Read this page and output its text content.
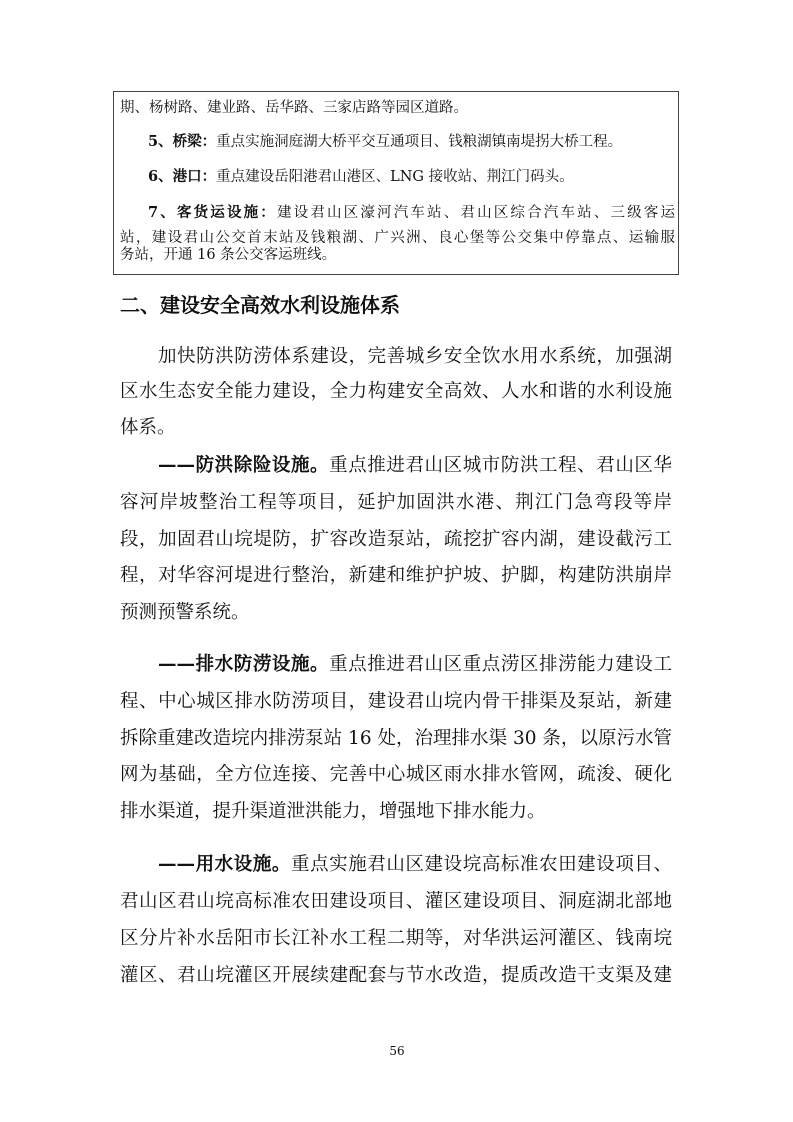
期、杨树路、建业路、岳华路、三家店路等园区道路。
5、桥梁：重点实施洞庭湖大桥平交互通项目、钱粮湖镇南堤拐大桥工程。
6、港口：重点建设岳阳港君山港区、LNG 接收站、荆江门码头。
7、客货运设施：建设君山区濠河汽车站、君山区综合汽车站、三级客运
站，建设君山公交首末站及钱粮湖、广兴洲、良心堡等公交集中停靠点、运输服
务站，开通 16 条公交客运班线。
二、建设安全高效水利设施体系
加快防洪防涝体系建设，完善城乡安全饮水用水系统，加强湖
区水生态安全能力建设，全力构建安全高效、人水和谐的水利设施
体系。
——防洪除险设施。重点推进君山区城市防洪工程、君山区华
容河岸坡整治工程等项目，延护加固洪水港、荆江门急弯段等岸
段，加固君山垸堤防，扩容改造泵站，疏挖扩容内湖，建设截污工
程，对华容河堤进行整治，新建和维护护坡、护脚，构建防洪崩岸
预测预警系统。
——排水防涝设施。重点推进君山区重点涝区排涝能力建设工
程、中心城区排水防涝项目，建设君山垸内骨干排渠及泵站，新建
拆除重建改造垸内排涝泵站 16 处，治理排水渠 30 条，以原污水管
网为基础，全方位连接、完善中心城区雨水排水管网，疏浚、硬化
排水渠道，提升渠道泄洪能力，增强地下排水能力。
——用水设施。重点实施君山区建设垸高标准农田建设项目、
君山区君山垸高标准农田建设项目、灌区建设项目、洞庭湖北部地
区分片补水岳阳市长江补水工程二期等，对华洪运河灌区、钱南垸
灌区、君山垸灌区开展续建配套与节水改造，提质改造干支渠及建
56
